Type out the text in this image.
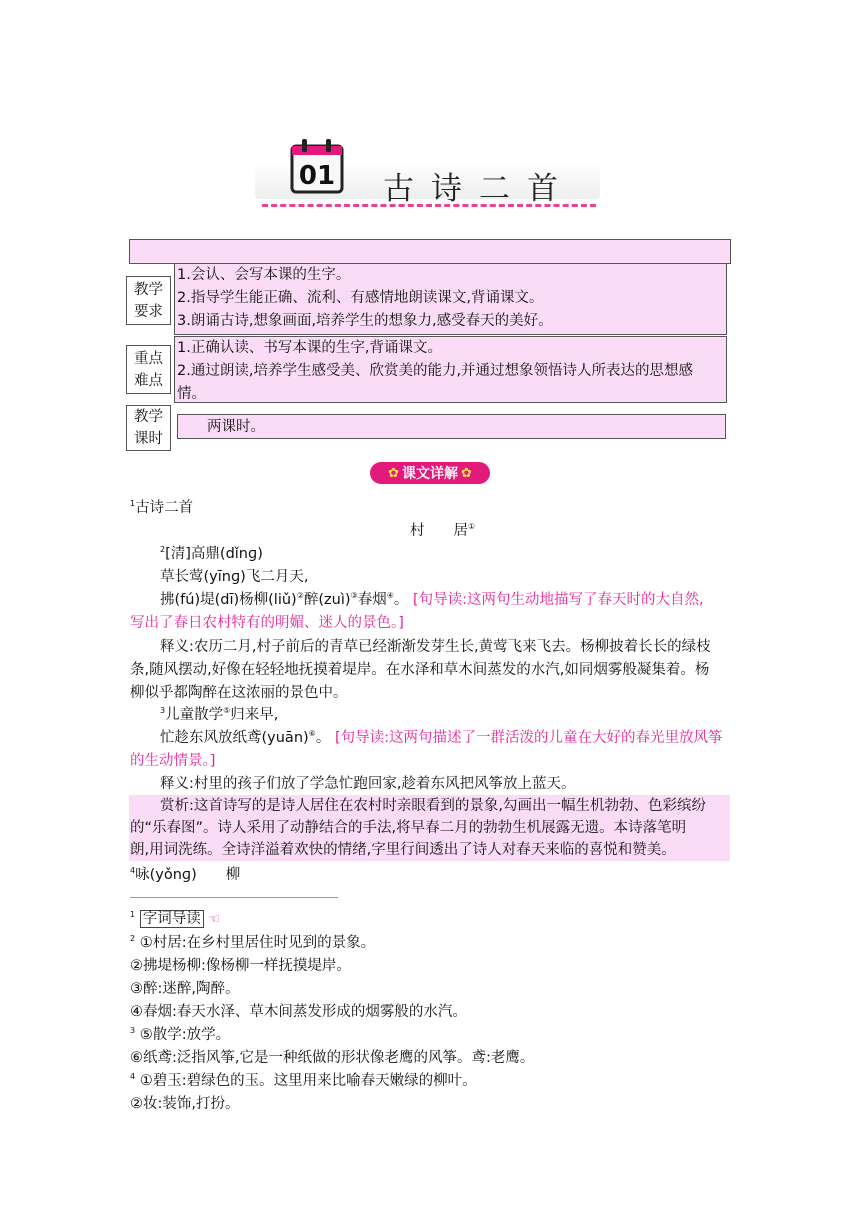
01 古诗二首
教学
要求
1.会认、会写本课的生字。
2.指导学生能正确、流利、有感情地朗读课文,背诵课文。
3.朗诵古诗,想象画面,培养学生的想象力,感受春天的美好。
重点
难点
1.正确认读、书写本课的生字,背诵课文。
2.通过朗读,培养学生感受美、欣赏美的能力,并通过想象领悟诗人所表达的思想感
情。
教学
课时
两课时。
✿ 课文详解 ✿
$^1$古诗二首
村　　居①
$^2$[清]高鼎(dǐnɡ)
草长莺(yīnɡ)飞二月天,
拂(fú)堤(dī)杨柳(liǔ)②醉(zuì)③春烟④。 [句导读:这两句生动地描写了春天时的大自然,
写出了春日农村特有的明媚、迷人的景色。]
释义:农历二月,村子前后的青草已经渐渐发芽生长,黄莺飞来飞去。杨柳披着长长的绿枝
条,随风摆动,好像在轻轻地抚摸着堤岸。在水泽和草木间蒸发的水汽,如同烟雾般凝集着。杨
柳似乎都陶醉在这浓丽的景色中。
$^3$儿童散学⑤归来早,
忙趁东风放纸鸢(yuān)⑥。 [句导读:这两句描述了一群活泼的儿童在大好的春光里放风筝
的生动情景。]
释义:村里的孩子们放了学急忙跑回家,趁着东风把风筝放上蓝天。
赏析:这首诗写的是诗人居住在农村时亲眼看到的景象,勾画出一幅生机勃勃、色彩缤纷
的“乐春图”。诗人采用了动静结合的手法,将早春二月的勃勃生机展露无遗。本诗落笔明
朗,用词洗练。全诗洋溢着欢快的情绪,字里行间透出了诗人对春天来临的喜悦和赞美。
$^4$咏(yǒnɡ)　　柳
$^1$ 字词导读 ☜
$^2$ ①村居:在乡村里居住时见到的景象。
②拂堤杨柳:像杨柳一样抚摸堤岸。
③醉:迷醉,陶醉。
④春烟:春天水泽、草木间蒸发形成的烟雾般的水汽。
$^3$ ⑤散学:放学。
⑥纸鸢:泛指风筝,它是一种纸做的形状像老鹰的风筝。鸢:老鹰。
$^4$ ①碧玉:碧绿色的玉。这里用来比喻春天嫩绿的柳叶。
②妆:装饰,打扮。
